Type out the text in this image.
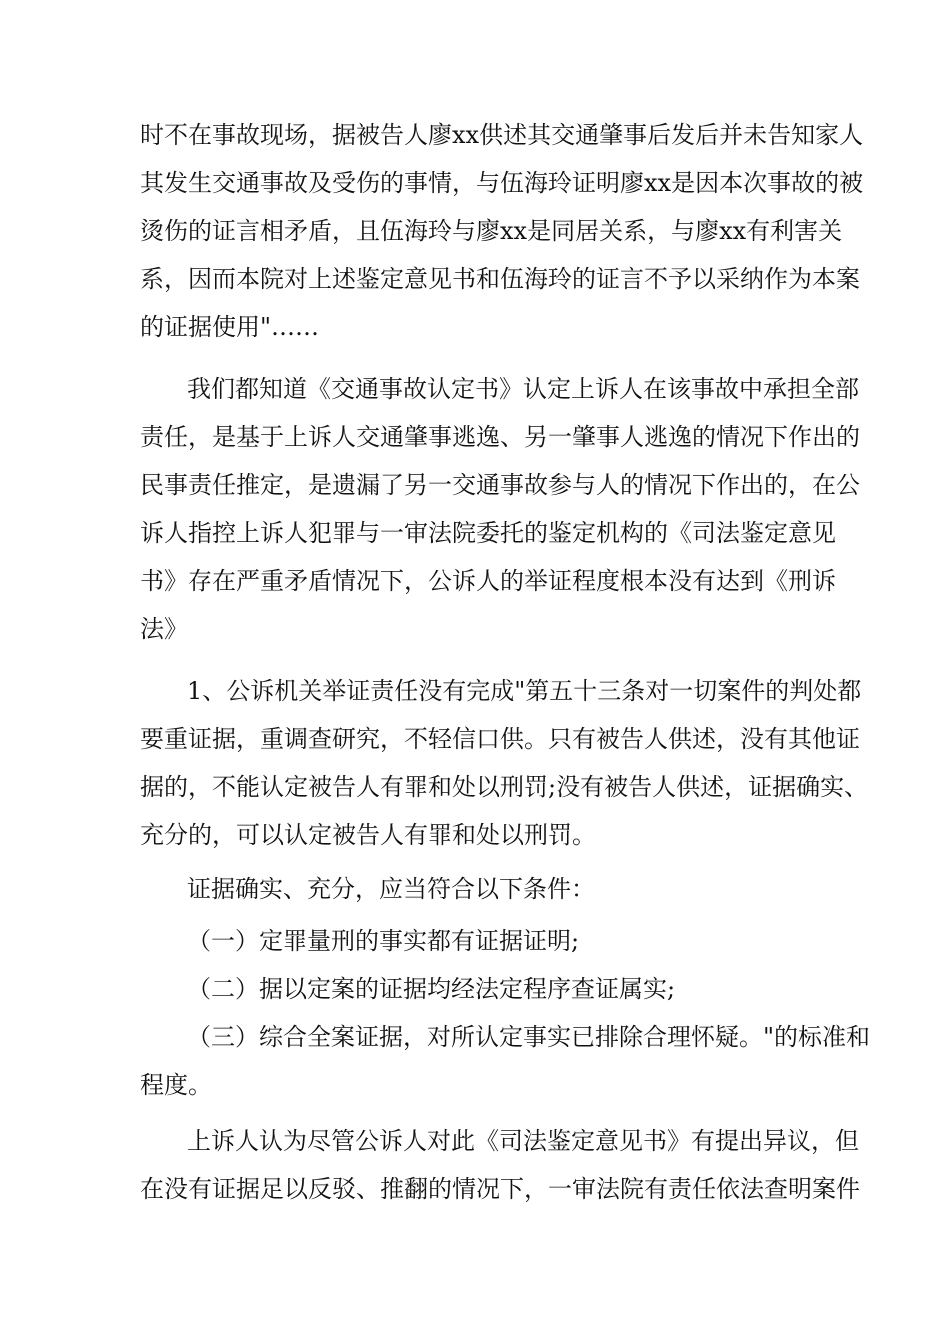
时不在事故现场，据被告人廖xx供述其交通肇事后发后并未告知家人
其发生交通事故及受伤的事情，与伍海玲证明廖xx是因本次事故的被
烫伤的证言相矛盾，且伍海玲与廖xx是同居关系，与廖xx有利害关
系，因而本院对上述鉴定意见书和伍海玲的证言不予以采纳作为本案
的证据使用"……
我们都知道《交通事故认定书》认定上诉人在该事故中承担全部
责任，是基于上诉人交通肇事逃逸、另一肇事人逃逸的情况下作出的
民事责任推定，是遗漏了另一交通事故参与人的情况下作出的，在公
诉人指控上诉人犯罪与一审法院委托的鉴定机构的《司法鉴定意见
书》存在严重矛盾情况下，公诉人的举证程度根本没有达到《刑诉
法》
1、公诉机关举证责任没有完成"第五十三条对一切案件的判处都
要重证据，重调查研究，不轻信口供。只有被告人供述，没有其他证
据的，不能认定被告人有罪和处以刑罚;没有被告人供述，证据确实、
充分的，可以认定被告人有罪和处以刑罚。
证据确实、充分，应当符合以下条件：
（一）定罪量刑的事实都有证据证明;
（二）据以定案的证据均经法定程序查证属实;
（三）综合全案证据，对所认定事实已排除合理怀疑。"的标准和
程度。
上诉人认为尽管公诉人对此《司法鉴定意见书》有提出异议，但
在没有证据足以反驳、推翻的情况下，一审法院有责任依法查明案件
